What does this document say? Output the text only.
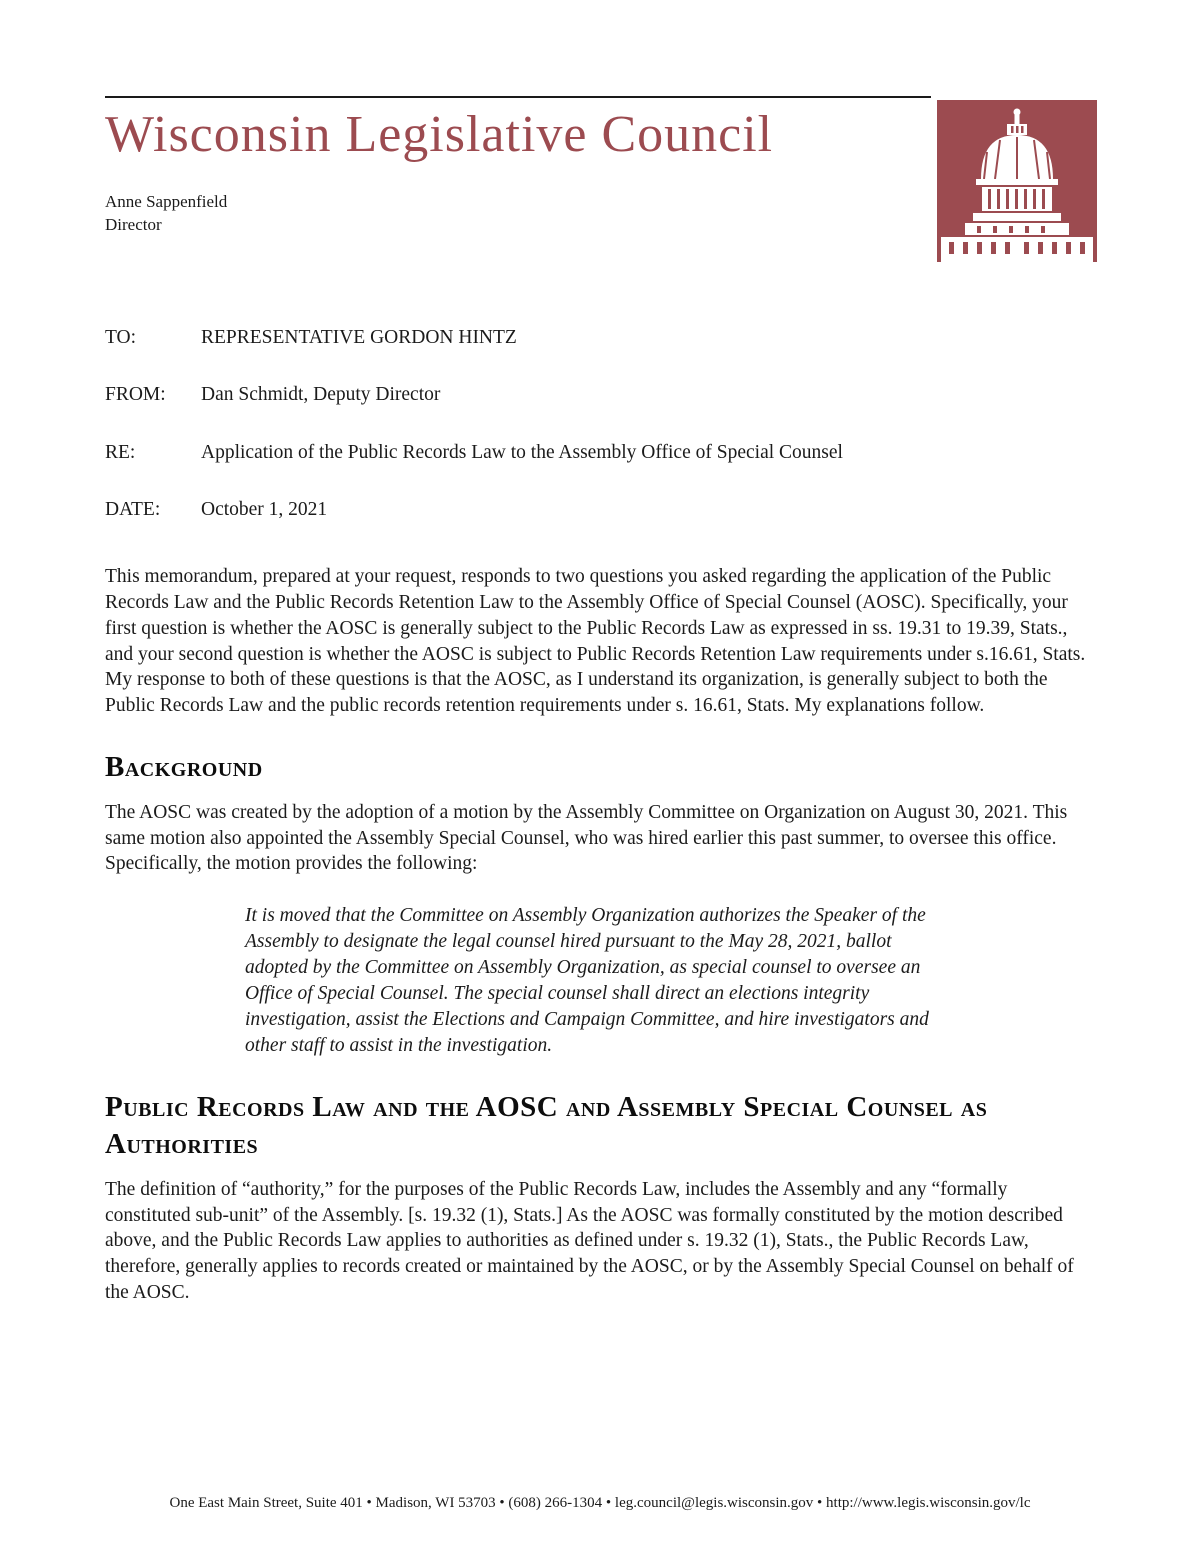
Wisconsin Legislative Council
Anne Sappenfield
Director
TO:	REPRESENTATIVE GORDON HINTZ
FROM:	Dan Schmidt, Deputy Director
RE:	Application of the Public Records Law to the Assembly Office of Special Counsel
DATE:	October 1, 2021

This memorandum, prepared at your request, responds to two questions you asked regarding the application of the Public Records Law and the Public Records Retention Law to the Assembly Office of Special Counsel (AOSC). Specifically, your first question is whether the AOSC is generally subject to the Public Records Law as expressed in ss. 19.31 to 19.39, Stats., and your second question is whether the AOSC is subject to Public Records Retention Law requirements under s.16.61, Stats. My response to both of these questions is that the AOSC, as I understand its organization, is generally subject to both the Public Records Law and the public records retention requirements under s. 16.61, Stats. My explanations follow.

Background

The AOSC was created by the adoption of a motion by the Assembly Committee on Organization on August 30, 2021. This same motion also appointed the Assembly Special Counsel, who was hired earlier this past summer, to oversee this office. Specifically, the motion provides the following:

It is moved that the Committee on Assembly Organization authorizes the Speaker of the Assembly to designate the legal counsel hired pursuant to the May 28, 2021, ballot adopted by the Committee on Assembly Organization, as special counsel to oversee an Office of Special Counsel. The special counsel shall direct an elections integrity investigation, assist the Elections and Campaign Committee, and hire investigators and other staff to assist in the investigation.
Public Records Law and the AOSC and Assembly Special Counsel as Authorities

The definition of “authority,” for the purposes of the Public Records Law, includes the Assembly and any “formally constituted sub-unit” of the Assembly. [s. 19.32 (1), Stats.] As the AOSC was formally constituted by the motion described above, and the Public Records Law applies to authorities as defined under s. 19.32 (1), Stats., the Public Records Law, therefore, generally applies to records created or maintained by the AOSC, or by the Assembly Special Counsel on behalf of the AOSC.

One East Main Street, Suite 401 • Madison, WI 53703 • (608) 266-1304 • leg.council@legis.wisconsin.gov • http://www.legis.wisconsin.gov/lc
